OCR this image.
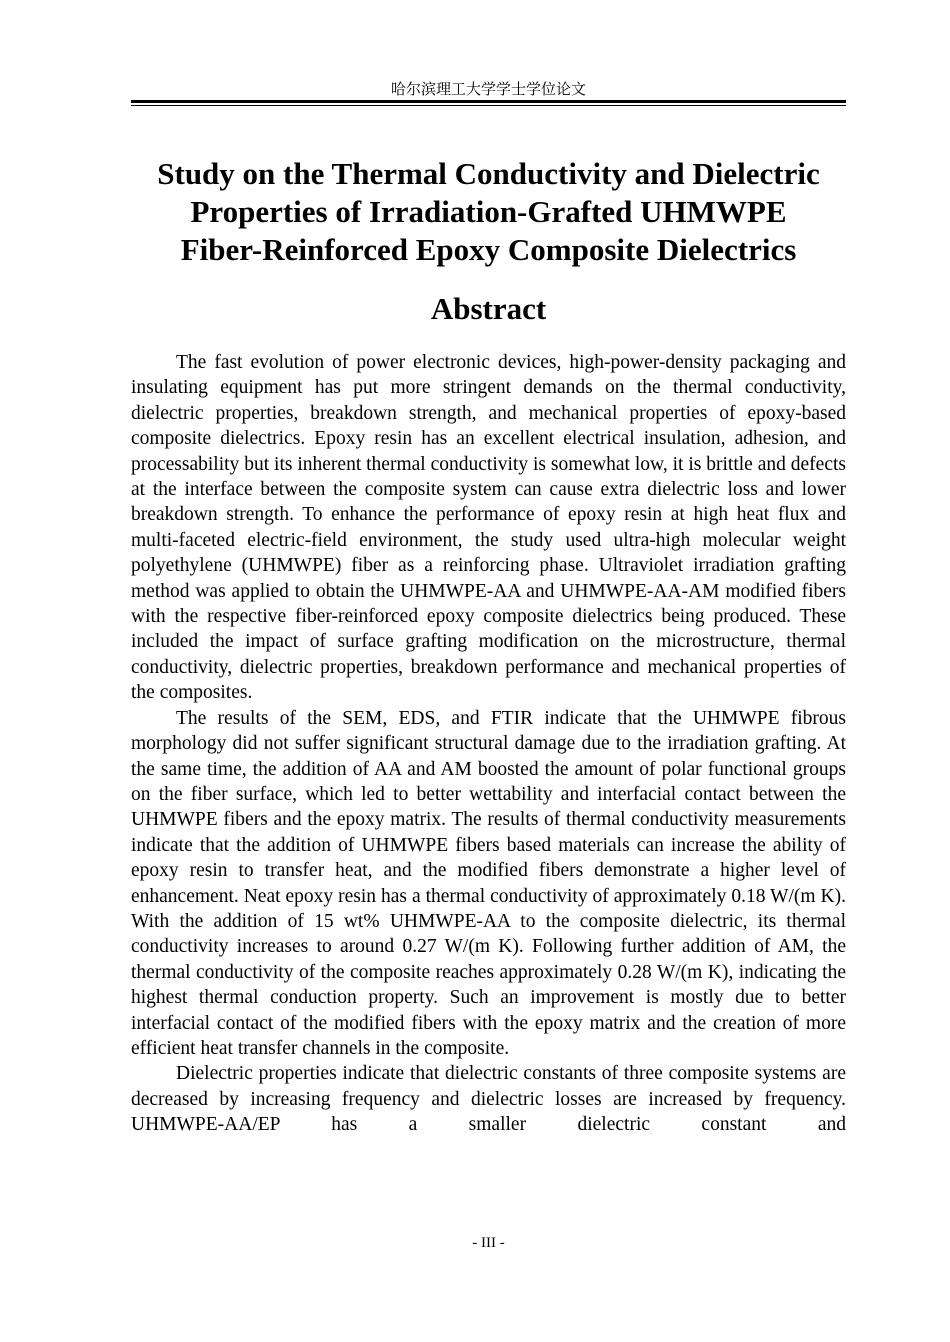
哈尔滨理工大学学士学位论文
Study on the Thermal Conductivity and Dielectric
Properties of Irradiation-Grafted UHMWPE
Fiber-Reinforced Epoxy Composite Dielectrics
Abstract

The fast evolution of power electronic devices, high-power-density packaging and insulating equipment has put more stringent demands on the thermal conductivity, dielectric properties, breakdown strength, and mechanical properties of epoxy-based composite dielectrics. Epoxy resin has an excellent electrical insulation, adhesion, and processability but its inherent thermal conductivity is somewhat low, it is brittle and defects at the interface between the composite system can cause extra dielectric loss and lower breakdown strength. To enhance the performance of epoxy resin at high heat flux and multi-faceted electric-field environment, the study used ultra-high molecular weight polyethylene (UHMWPE) fiber as a reinforcing phase. Ultraviolet irradiation grafting method was applied to obtain the UHMWPE-AA and UHMWPE-AA-AM modified fibers with the respective fiber-reinforced epoxy composite dielectrics being produced. These included the impact of surface grafting modification on the microstructure, thermal conductivity, dielectric properties, breakdown performance and mechanical properties of the composites.

The results of the SEM, EDS, and FTIR indicate that the UHMWPE fibrous morphology did not suffer significant structural damage due to the irradiation grafting. At the same time, the addition of AA and AM boosted the amount of polar functional groups on the fiber surface, which led to better wettability and interfacial contact between the UHMWPE fibers and the epoxy matrix. The results of thermal conductivity measurements indicate that the addition of UHMWPE fibers based materials can increase the ability of epoxy resin to transfer heat, and the modified fibers demonstrate a higher level of enhancement. Neat epoxy resin has a thermal conductivity of approximately 0.18 W/(m K). With the addition of 15 wt% UHMWPE-AA to the composite dielectric, its thermal conductivity increases to around 0.27 W/(m K). Following further addition of AM, the thermal conductivity of the composite reaches approximately 0.28 W/(m K), indicating the highest thermal conduction property. Such an improvement is mostly due to better interfacial contact of the modified fibers with the epoxy matrix and the creation of more efficient heat transfer channels in the composite.

Dielectric properties indicate that dielectric constants of three composite systems are decreased by increasing frequency and dielectric losses are increased by frequency. UHMWPE-AA/EP has a smaller dielectric constant and

- III -
